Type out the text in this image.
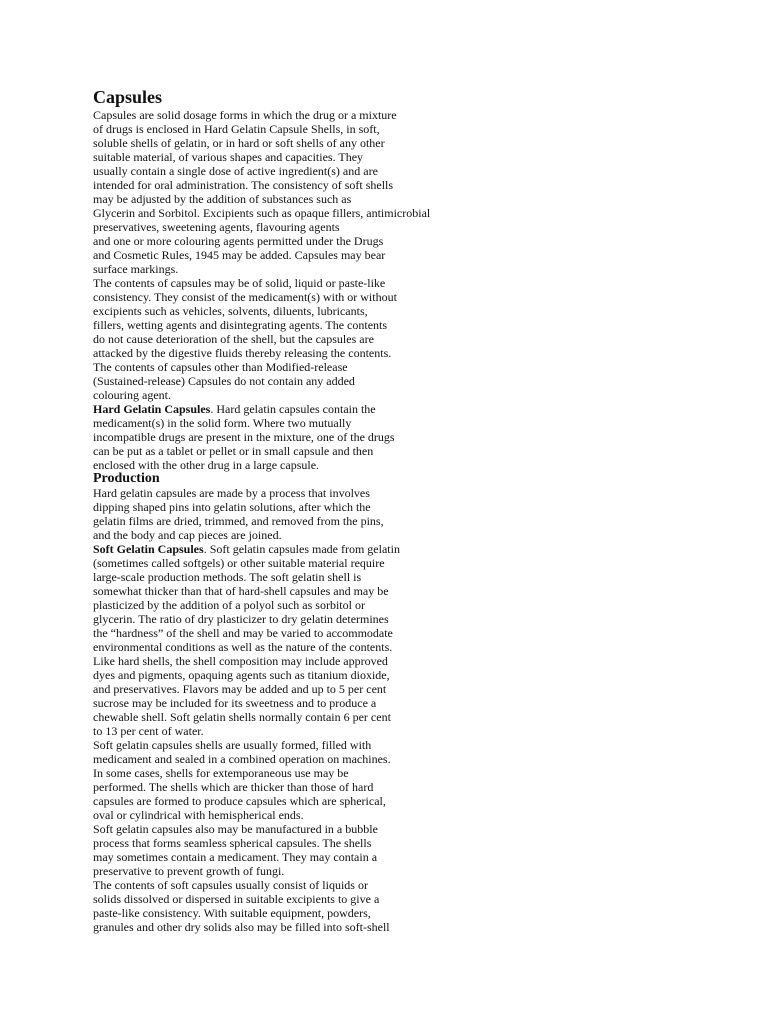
Capsules
Capsules are solid dosage forms in which the drug or a mixture
of drugs is enclosed in Hard Gelatin Capsule Shells, in soft,
soluble shells of gelatin, or in hard or soft shells of any other
suitable material, of various shapes and capacities. They
usually contain a single dose of active ingredient(s) and are
intended for oral administration. The consistency of soft shells
may be adjusted by the addition of substances such as
Glycerin and Sorbitol. Excipients such as opaque fillers, antimicrobial
preservatives, sweetening agents, flavouring agents
and one or more colouring agents permitted under the Drugs
and Cosmetic Rules, 1945 may be added. Capsules may bear
surface markings.
The contents of capsules may be of solid, liquid or paste-like
consistency. They consist of the medicament(s) with or without
excipients such as vehicles, solvents, diluents, lubricants,
fillers, wetting agents and disintegrating agents. The contents
do not cause deterioration of the shell, but the capsules are
attacked by the digestive fluids thereby releasing the contents.
The contents of capsules other than Modified-release
(Sustained-release) Capsules do not contain any added
colouring agent.
Hard Gelatin Capsules. Hard gelatin capsules contain the
medicament(s) in the solid form. Where two mutually
incompatible drugs are present in the mixture, one of the drugs
can be put as a tablet or pellet or in small capsule and then
enclosed with the other drug in a large capsule.
Production
Hard gelatin capsules are made by a process that involves
dipping shaped pins into gelatin solutions, after which the
gelatin films are dried, trimmed, and removed from the pins,
and the body and cap pieces are joined.
Soft Gelatin Capsules. Soft gelatin capsules made from gelatin
(sometimes called softgels) or other suitable material require
large-scale production methods. The soft gelatin shell is
somewhat thicker than that of hard-shell capsules and may be
plasticized by the addition of a polyol such as sorbitol or
glycerin. The ratio of dry plasticizer to dry gelatin determines
the “hardness” of the shell and may be varied to accommodate
environmental conditions as well as the nature of the contents.
Like hard shells, the shell composition may include approved
dyes and pigments, opaquing agents such as titanium dioxide,
and preservatives. Flavors may be added and up to 5 per cent
sucrose may be included for its sweetness and to produce a
chewable shell. Soft gelatin shells normally contain 6 per cent
to 13 per cent of water.
Soft gelatin capsules shells are usually formed, filled with
medicament and sealed in a combined operation on machines.
In some cases, shells for extemporaneous use may be
performed. The shells which are thicker than those of hard
capsules are formed to produce capsules which are spherical,
oval or cylindrical with hemispherical ends.
Soft gelatin capsules also may be manufactured in a bubble
process that forms seamless spherical capsules. The shells
may sometimes contain a medicament. They may contain a
preservative to prevent growth of fungi.
The contents of soft capsules usually consist of liquids or
solids dissolved or dispersed in suitable excipients to give a
paste-like consistency. With suitable equipment, powders,
granules and other dry solids also may be filled into soft-shell
